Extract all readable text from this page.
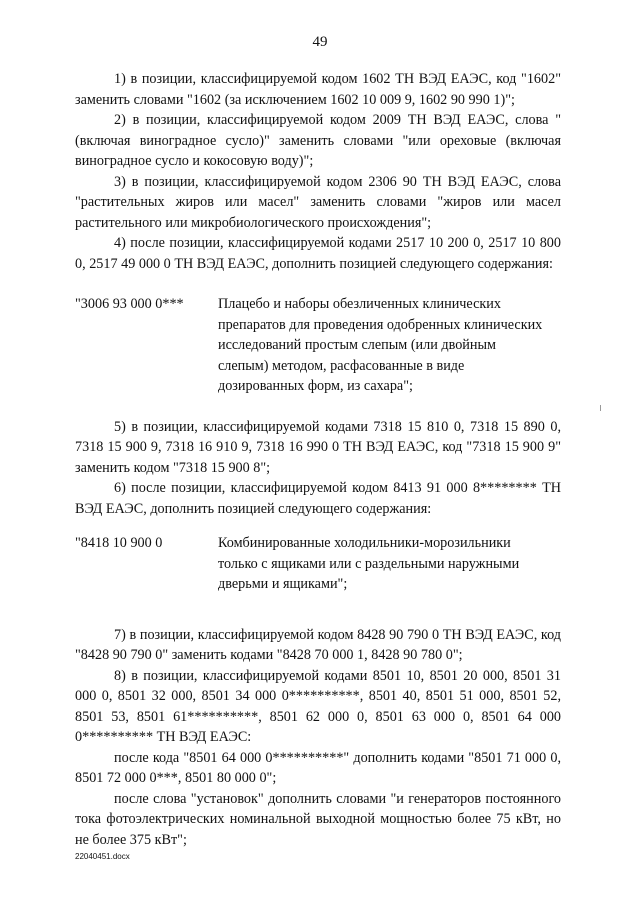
49

1) в позиции, классифицируемой кодом 1602 ТН ВЭД ЕАЭС, код "1602" заменить словами "1602 (за исключением 1602 10 009 9, 1602 90 990 1)";

2) в позиции, классифицируемой кодом 2009 ТН ВЭД ЕАЭС, слова "(включая виноградное сусло)" заменить словами "или ореховые (включая виноградное сусло и кокосовую воду)";

3) в позиции, классифицируемой кодом 2306 90 ТН ВЭД ЕАЭС, слова "растительных жиров или масел" заменить словами "жиров или масел растительного или микробиологического происхождения";

4) после позиции, классифицируемой кодами 2517 10 200 0, 2517 10 800 0, 2517 49 000 0 ТН ВЭД ЕАЭС, дополнить позицией следующего содержания:

"3006 93 000 0***	Плацебо и наборы обезличенных клинических препаратов для проведения одобренных клинических исследований простым слепым (или двойным слепым) методом, расфасованные в виде дозированных форм, из сахара";

5) в позиции, классифицируемой кодами 7318 15 810 0, 7318 15 890 0, 7318 15 900 9, 7318 16 910 9, 7318 16 990 0 ТН ВЭД ЕАЭС, код "7318 15 900 9" заменить кодом "7318 15 900 8";

6) после позиции, классифицируемой кодом 8413 91 000 8******** ТН ВЭД ЕАЭС, дополнить позицией следующего содержания:

"8418 10 900 0	Комбинированные холодильники-морозильники только с ящиками или с раздельными наружными дверьми и ящиками";

7) в позиции, классифицируемой кодом 8428 90 790 0 ТН ВЭД ЕАЭС, код "8428 90 790 0" заменить кодами "8428 70 000 1, 8428 90 780 0";

8) в позиции, классифицируемой кодами 8501 10, 8501 20 000, 8501 31 000 0, 8501 32 000, 8501 34 000 0**********, 8501 40, 8501 51 000, 8501 52, 8501 53, 8501 61**********, 8501 62 000 0, 8501 63 000 0, 8501 64 000 0********** ТН ВЭД ЕАЭС:

после кода "8501 64 000 0**********" дополнить кодами "8501 71 000 0, 8501 72 000 0***, 8501 80 000 0";

после слова "установок" дополнить словами "и генераторов постоянного тока фотоэлектрических номинальной выходной мощностью более 75 кВт, но не более 375 кВт";

22040451.docx
